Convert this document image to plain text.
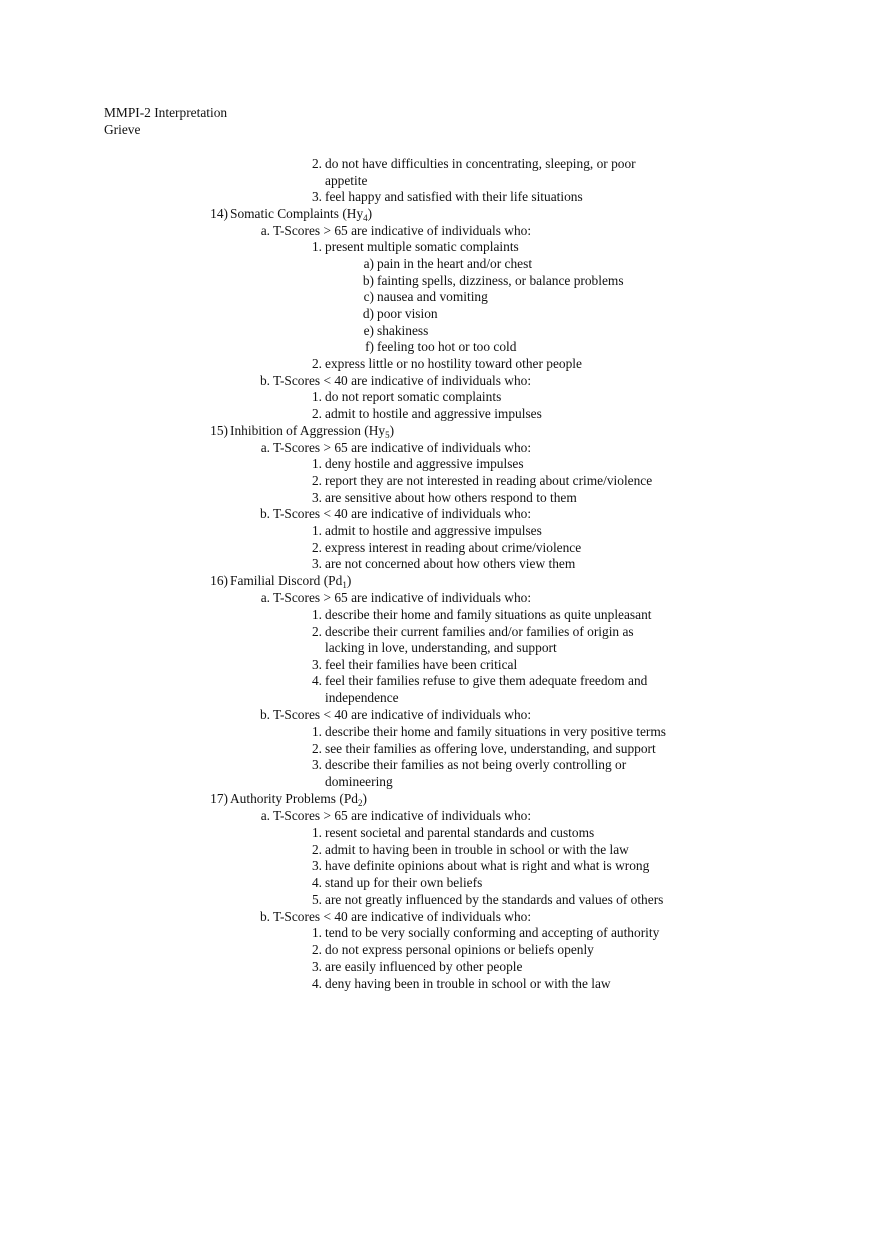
MMPI-2 Interpretation
Grieve
2. do not have difficulties in concentrating, sleeping, or poor
appetite
3. feel happy and satisfied with their life situations
14) Somatic Complaints $(Hy_4)$
a. T-Scores > 65 are indicative of individuals who:
1. present multiple somatic complaints
a) pain in the heart and/or chest
b) fainting spells, dizziness, or balance problems
c) nausea and vomiting
d) poor vision
e) shakiness
f) feeling too hot or too cold
2. express little or no hostility toward other people
b. T-Scores < 40 are indicative of individuals who:
1. do not report somatic complaints
2. admit to hostile and aggressive impulses
15) Inhibition of Aggression $(Hy_5)$
a. T-Scores > 65 are indicative of individuals who:
1. deny hostile and aggressive impulses
2. report they are not interested in reading about crime/violence
3. are sensitive about how others respond to them
b. T-Scores < 40 are indicative of individuals who:
1. admit to hostile and aggressive impulses
2. express interest in reading about crime/violence
3. are not concerned about how others view them
16) Familial Discord $(Pd_1)$
a. T-Scores > 65 are indicative of individuals who:
1. describe their home and family situations as quite unpleasant
2. describe their current families and/or families of origin as
lacking in love, understanding, and support
3. feel their families have been critical
4. feel their families refuse to give them adequate freedom and
independence
b. T-Scores < 40 are indicative of individuals who:
1. describe their home and family situations in very positive terms
2. see their families as offering love, understanding, and support
3. describe their families as not being overly controlling or
domineering
17) Authority Problems $(Pd_2)$
a. T-Scores > 65 are indicative of individuals who:
1. resent societal and parental standards and customs
2. admit to having been in trouble in school or with the law
3. have definite opinions about what is right and what is wrong
4. stand up for their own beliefs
5. are not greatly influenced by the standards and values of others
b. T-Scores < 40 are indicative of individuals who:
1. tend to be very socially conforming and accepting of authority
2. do not express personal opinions or beliefs openly
3. are easily influenced by other people
4. deny having been in trouble in school or with the law
